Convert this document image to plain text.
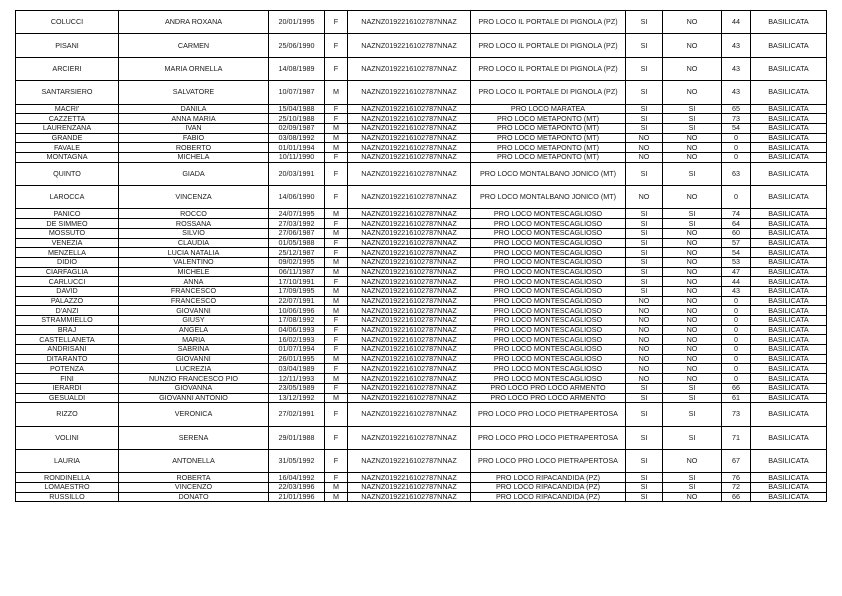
COLUCCI	ANDRA ROXANA	20/01/1995	F	NAZNZ0192216102787NNAZ	PRO LOCO IL PORTALE DI PIGNOLA (PZ)	SI	NO	44	BASILICATA
PISANI	CARMEN	25/06/1990	F	NAZNZ0192216102787NNAZ	PRO LOCO IL PORTALE DI PIGNOLA (PZ)	SI	NO	43	BASILICATA
ARCIERI	MARIA ORNELLA	14/08/1989	F	NAZNZ0192216102787NNAZ	PRO LOCO IL PORTALE DI PIGNOLA (PZ)	SI	NO	43	BASILICATA
SANTARSIERO	SALVATORE	10/07/1987	M	NAZNZ0192216102787NNAZ	PRO LOCO IL PORTALE DI PIGNOLA (PZ)	SI	NO	43	BASILICATA
MACRI'	DANILA	15/04/1988	F	NAZNZ0192216102787NNAZ	PRO LOCO MARATEA	SI	SI	65	BASILICATA
CAZZETTA	ANNA MARIA	25/10/1988	F	NAZNZ0192216102787NNAZ	PRO LOCO METAPONTO (MT)	SI	SI	73	BASILICATA
LAURENZANA	IVAN	02/09/1987	M	NAZNZ0192216102787NNAZ	PRO LOCO METAPONTO (MT)	SI	SI	54	BASILICATA
GRANDE	FABIO	03/08/1992	M	NAZNZ0192216102787NNAZ	PRO LOCO METAPONTO (MT)	NO	NO	0	BASILICATA
FAVALE	ROBERTO	01/01/1994	M	NAZNZ0192216102787NNAZ	PRO LOCO METAPONTO (MT)	NO	NO	0	BASILICATA
MONTAGNA	MICHELA	10/11/1990	F	NAZNZ0192216102787NNAZ	PRO LOCO METAPONTO (MT)	NO	NO	0	BASILICATA
QUINTO	GIADA	20/03/1991	F	NAZNZ0192216102787NNAZ	PRO LOCO MONTALBANO JONICO (MT)	SI	SI	63	BASILICATA
LAROCCA	VINCENZA	14/06/1990	F	NAZNZ0192216102787NNAZ	PRO LOCO MONTALBANO JONICO (MT)	NO	NO	0	BASILICATA
PANICO	ROCCO	24/07/1995	M	NAZNZ0192216102787NNAZ	PRO LOCO MONTESCAGLIOSO	SI	SI	74	BASILICATA
DE SIMMEO	ROSSANA	27/03/1992	F	NAZNZ0192216102787NNAZ	PRO LOCO MONTESCAGLIOSO	SI	SI	64	BASILICATA
MOSSUTO	SILVIO	27/06/1987	M	NAZNZ0192216102787NNAZ	PRO LOCO MONTESCAGLIOSO	SI	NO	60	BASILICATA
VENEZIA	CLAUDIA	01/05/1988	F	NAZNZ0192216102787NNAZ	PRO LOCO MONTESCAGLIOSO	SI	NO	57	BASILICATA
MENZELLA	LUCIA NATALIA	25/12/1987	F	NAZNZ0192216102787NNAZ	PRO LOCO MONTESCAGLIOSO	SI	NO	54	BASILICATA
DIDIO	VALENTINO	09/02/1995	M	NAZNZ0192216102787NNAZ	PRO LOCO MONTESCAGLIOSO	SI	NO	53	BASILICATA
CIARFAGLIA	MICHELE	06/11/1987	M	NAZNZ0192216102787NNAZ	PRO LOCO MONTESCAGLIOSO	SI	NO	47	BASILICATA
CARLUCCI	ANNA	17/10/1991	F	NAZNZ0192216102787NNAZ	PRO LOCO MONTESCAGLIOSO	SI	NO	44	BASILICATA
DAVID	FRANCESCO	17/09/1995	M	NAZNZ0192216102787NNAZ	PRO LOCO MONTESCAGLIOSO	SI	NO	43	BASILICATA
PALAZZO	FRANCESCO	22/07/1991	M	NAZNZ0192216102787NNAZ	PRO LOCO MONTESCAGLIOSO	NO	NO	0	BASILICATA
D'ANZI	GIOVANNI	10/06/1996	M	NAZNZ0192216102787NNAZ	PRO LOCO MONTESCAGLIOSO	NO	NO	0	BASILICATA
STRAMMIELLO	GIUSY	17/08/1992	F	NAZNZ0192216102787NNAZ	PRO LOCO MONTESCAGLIOSO	NO	NO	0	BASILICATA
BRAJ	ANGELA	04/06/1993	F	NAZNZ0192216102787NNAZ	PRO LOCO MONTESCAGLIOSO	NO	NO	0	BASILICATA
CASTELLANETA	MARIA	16/02/1993	F	NAZNZ0192216102787NNAZ	PRO LOCO MONTESCAGLIOSO	NO	NO	0	BASILICATA
ANDRISANI	SABRINA	01/07/1994	F	NAZNZ0192216102787NNAZ	PRO LOCO MONTESCAGLIOSO	NO	NO	0	BASILICATA
DITARANTO	GIOVANNI	26/01/1995	M	NAZNZ0192216102787NNAZ	PRO LOCO MONTESCAGLIOSO	NO	NO	0	BASILICATA
POTENZA	LUCREZIA	03/04/1989	F	NAZNZ0192216102787NNAZ	PRO LOCO MONTESCAGLIOSO	NO	NO	0	BASILICATA
FINI	NUNZIO FRANCESCO PIO	12/11/1993	M	NAZNZ0192216102787NNAZ	PRO LOCO MONTESCAGLIOSO	NO	NO	0	BASILICATA
IERARDI	GIOVANNA	23/05/1989	F	NAZNZ0192216102787NNAZ	PRO LOCO PRO LOCO ARMENTO	SI	SI	66	BASILICATA
GESUALDI	GIOVANNI ANTONIO	13/12/1992	M	NAZNZ0192216102787NNAZ	PRO LOCO PRO LOCO ARMENTO	SI	SI	61	BASILICATA
RIZZO	VERONICA	27/02/1991	F	NAZNZ0192216102787NNAZ	PRO LOCO PRO LOCO PIETRAPERTOSA	SI	SI	73	BASILICATA
VOLINI	SERENA	29/01/1988	F	NAZNZ0192216102787NNAZ	PRO LOCO PRO LOCO PIETRAPERTOSA	SI	SI	71	BASILICATA
LAURIA	ANTONELLA	31/05/1992	F	NAZNZ0192216102787NNAZ	PRO LOCO PRO LOCO PIETRAPERTOSA	SI	NO	67	BASILICATA
RONDINELLA	ROBERTA	16/04/1992	F	NAZNZ0192216102787NNAZ	PRO LOCO RIPACANDIDA (PZ)	SI	SI	76	BASILICATA
LOMAESTRO	VINCENZO	22/03/1996	M	NAZNZ0192216102787NNAZ	PRO LOCO RIPACANDIDA (PZ)	SI	SI	72	BASILICATA
RUSSILLO	DONATO	21/01/1996	M	NAZNZ0192216102787NNAZ	PRO LOCO RIPACANDIDA (PZ)	SI	NO	66	BASILICATA
